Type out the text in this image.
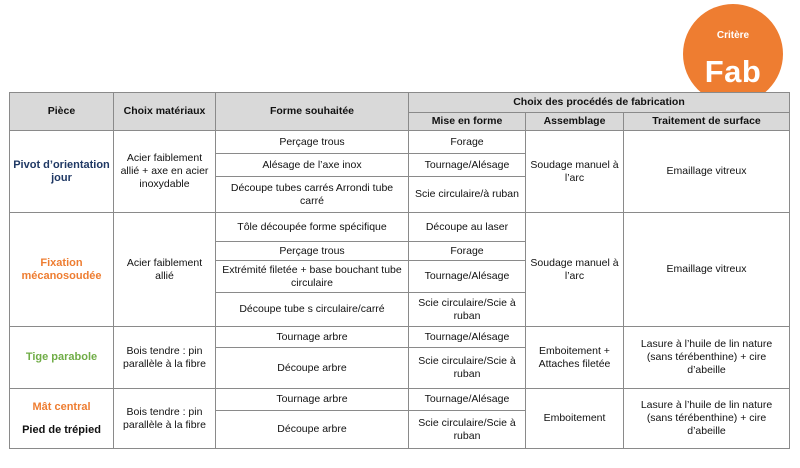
Critère
Fab
Pièce	Choix matériaux	Forme souhaitée	Choix des procédés de fabrication		
			Mise en forme	Assemblage	Traitement de surface
Pivot d’orientation jour	Acier faiblement allié + axe en acier inoxydable	Perçage trous	Forage	Soudage manuel à l’arc	Emaillage vitreux
		Alésage de l’axe inox	Tournage/Alésage		
		Découpe tubes carrés Arrondi tube carré	Scie circulaire/à ruban		
Fixation mécanosoudée	Acier faiblement allié	Tôle découpée forme spécifique	Découpe au laser	Soudage manuel à l’arc	Emaillage vitreux
		Perçage trous	Forage		
		Extrémité filetée + base bouchant tube circulaire	Tournage/Alésage		
		Découpe tube s circulaire/carré	Scie circulaire/Scie à ruban		
Tige parabole	Bois tendre : pin parallèle à la fibre	Tournage arbre	Tournage/Alésage	Emboitement + Attaches filetée	Lasure à l’huile de lin nature (sans térébenthine) + cire d’abeille
		Découpe arbre	Scie circulaire/Scie à ruban		
Mât central
Pied de trépied	Bois tendre : pin parallèle à la fibre	Tournage arbre	Tournage/Alésage	Emboitement	Lasure à l’huile de lin nature (sans térébenthine) + cire d’abeille
		Découpe arbre	Scie circulaire/Scie à ruban		
